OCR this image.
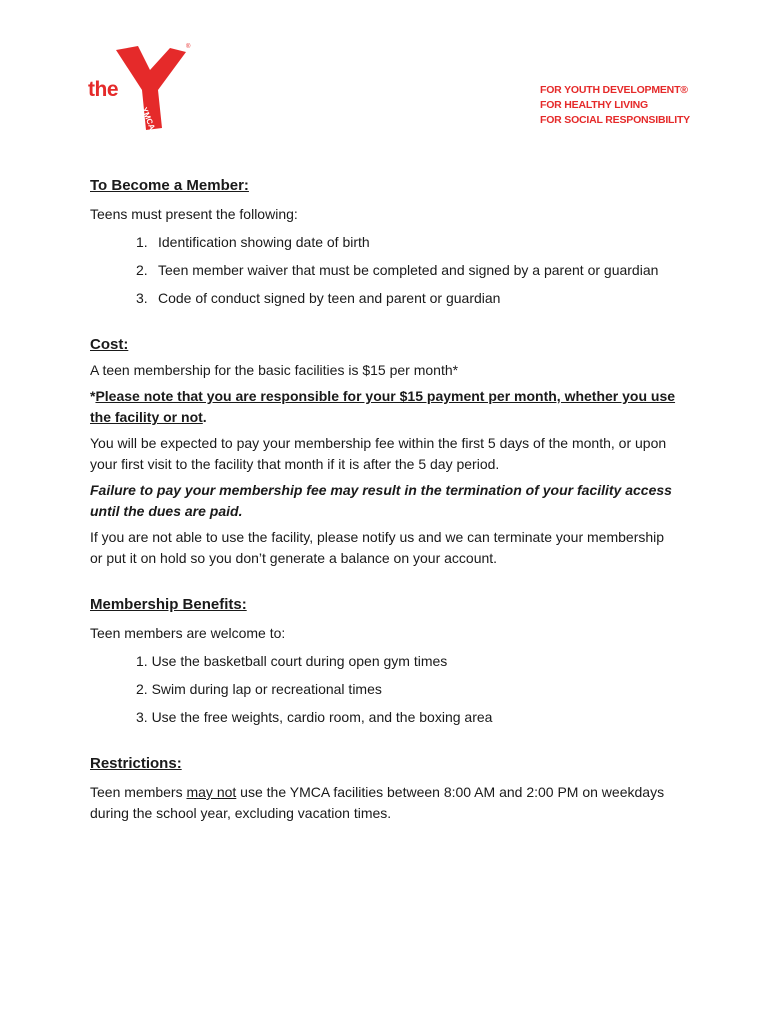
the
YMCA
®
FOR YOUTH DEVELOPMENT®
FOR HEALTHY LIVING
FOR SOCIAL RESPONSIBILITY
To Become a Member:

Teens must present the following:

1. Identification showing date of birth
2. Teen member waiver that must be completed and signed by a parent or guardian
3. Code of conduct signed by teen and parent or guardian
Cost:

A teen membership for the basic facilities is $15 per month*

*Please note that you are responsible for your $15 payment per month, whether you use the facility or not.

You will be expected to pay your membership fee within the first 5 days of the month, or upon your first visit to the facility that month if it is after the 5 day period.

Failure to pay your membership fee may result in the termination of your facility access until the dues are paid.

If you are not able to use the facility, please notify us and we can terminate your membership or put it on hold so you don’t generate a balance on your account.

Membership Benefits:

Teen members are welcome to:

1. Use the basketball court during open gym times
2. Swim during lap or recreational times
3. Use the free weights, cardio room, and the boxing area
Restrictions:

Teen members may not use the YMCA facilities between 8:00 AM and 2:00 PM on weekdays during the school year, excluding vacation times.
